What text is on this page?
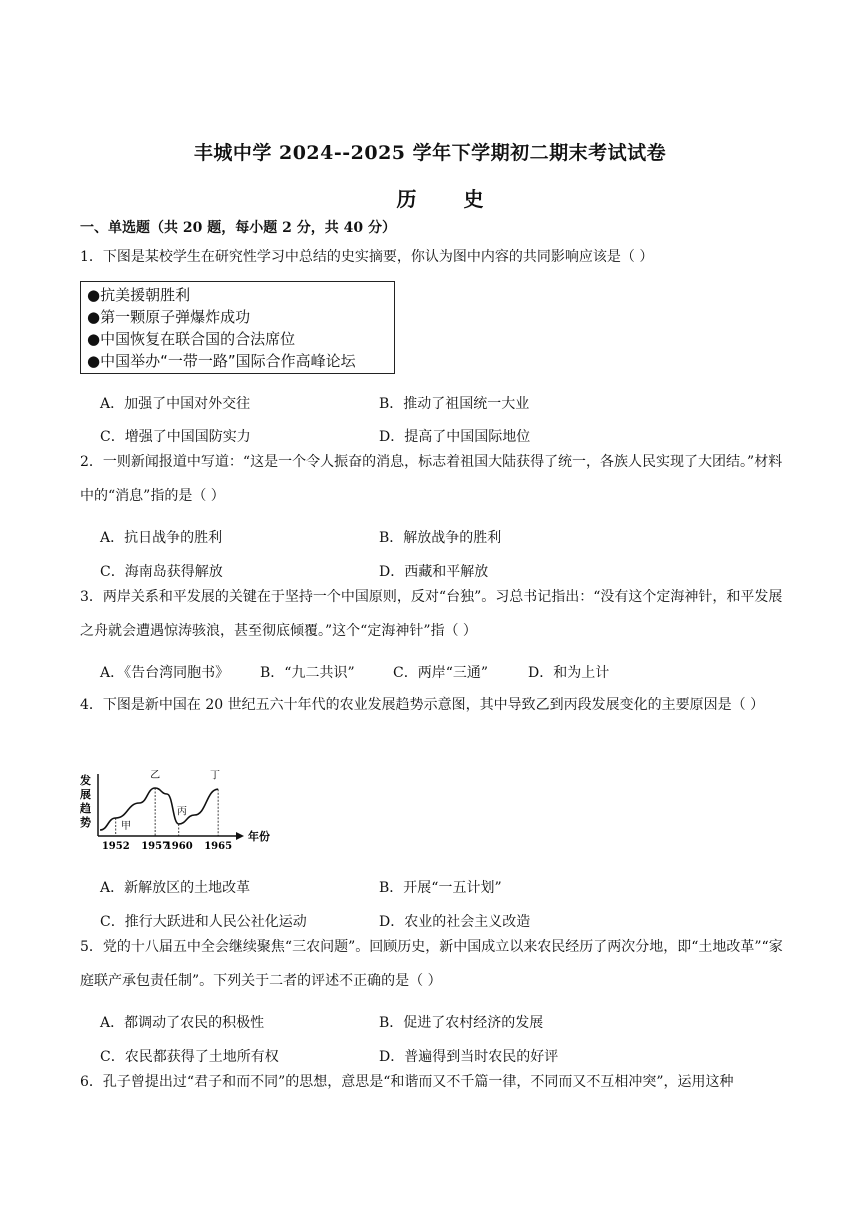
丰城中学 2024--2025 学年下学期初二期末考试试卷
历 史
一、单选题（共 20 题，每小题 2 分，共 40 分）
1．下图是某校学生在研究性学习中总结的史实摘要，你认为图中内容的共同影响应该是（ ）
●抗美援朝胜利
●第一颗原子弹爆炸成功
●中国恢复在联合国的合法席位
●中国举办“一带一路”国际合作高峰论坛
A．加强了中国对外交往	B．推动了祖国统一大业
C．增强了中国国防实力	D．提高了中国国际地位
2．一则新闻报道中写道：“这是一个令人振奋的消息，标志着祖国大陆获得了统一，各族人民实现了大团结。”材料中的“消息”指的是（ ）
A．抗日战争的胜利	B．解放战争的胜利
C．海南岛获得解放	D．西藏和平解放
3．两岸关系和平发展的关键在于坚持一个中国原则，反对“台独”。习总书记指出：“没有这个定海神针，和平发展之舟就会遭遇惊涛骇浪，甚至彻底倾覆。”这个“定海神针”指（ ）
A．《告台湾同胞书》 B．“九二共识”	C．两岸“三通”	D．和为上计
4．下图是新中国在 20 世纪五六十年代的农业发展趋势示意图，其中导致乙到丙段发展变化的主要原因是（ ）
发
展
趋
势
1952 1957
1960 1965
年份
甲
乙
丙
丁
A．新解放区的土地改革	B．开展“一五计划”
C．推行大跃进和人民公社化运动	D．农业的社会主义改造
5．党的十八届五中全会继续聚焦“三农问题”。回顾历史，新中国成立以来农民经历了两次分地，即“土地改革”“家庭联产承包责任制”。下列关于二者的评述不正确的是（ ）
A．都调动了农民的积极性	B．促进了农村经济的发展
C．农民都获得了土地所有权	D．普遍得到当时农民的好评
6．孔子曾提出过“君子和而不同”的思想，意思是“和谐而又不千篇一律，不同而又不互相冲突”，运用这种
